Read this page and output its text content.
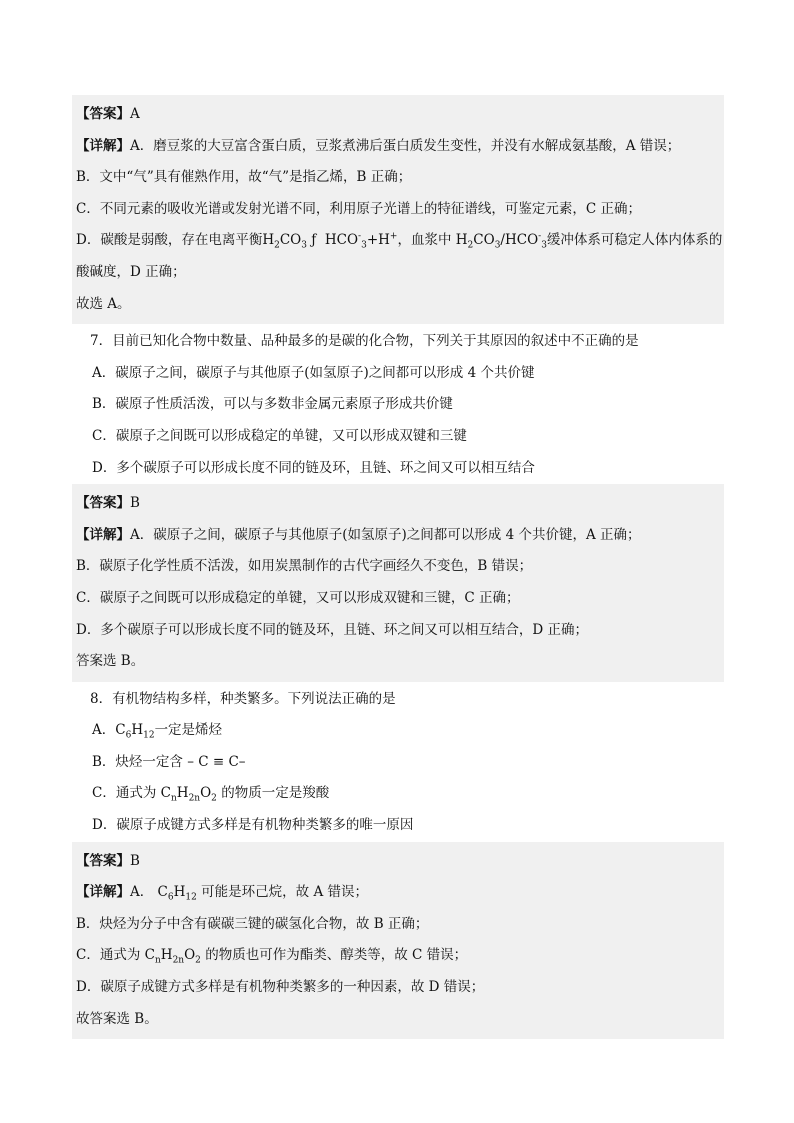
【答案】A
【详解】A．磨豆浆的大豆富含蛋白质，豆浆煮沸后蛋白质发生变性，并没有水解成氨基酸，A 错误；
B．文中“气”具有催熟作用，故“气”是指乙烯，B 正确；
C．不同元素的吸收光谱或发射光谱不同，利用原子光谱上的特征谱线，可鉴定元素，C 正确；
D．碳酸是弱酸，存在电离平衡$H_2CO_3$ ƒ $HCO^-_3+H^+$，血浆中 $H_2CO_3/HCO^-_3$缓冲体系可稳定人体内体系的
酸碱度，D 正确；
故选 A。
7．目前已知化合物中数量、品种最多的是碳的化合物，下列关于其原因的叙述中不正确的是
A．碳原子之间，碳原子与其他原子(如氢原子)之间都可以形成 4 个共价键
B．碳原子性质活泼，可以与多数非金属元素原子形成共价键
C．碳原子之间既可以形成稳定的单键，又可以形成双键和三键
D．多个碳原子可以形成长度不同的链及环，且链、环之间又可以相互结合
【答案】B
【详解】A．碳原子之间，碳原子与其他原子(如氢原子)之间都可以形成 4 个共价键，A 正确；
B．碳原子化学性质不活泼，如用炭黑制作的古代字画经久不变色，B 错误；
C．碳原子之间既可以形成稳定的单键，又可以形成双键和三键，C 正确；
D．多个碳原子可以形成长度不同的链及环，且链、环之间又可以相互结合，D 正确；
答案选 B。
8．有机物结构多样，种类繁多。下列说法正确的是
A．$C_6H_{12}$一定是烯烃
B．炔烃一定含 – C ≡ C–
C．通式为 $C_nH_{2n}O_2$ 的物质一定是羧酸
D．碳原子成键方式多样是有机物种类繁多的唯一原因
【答案】B
【详解】A． $C_6H_{12}$ 可能是环己烷，故 A 错误；
B．炔烃为分子中含有碳碳三键的碳氢化合物，故 B 正确；
C．通式为 $C_nH_{2n}O_2$ 的物质也可作为酯类、醇类等，故 C 错误；
D．碳原子成键方式多样是有机物种类繁多的一种因素，故 D 错误；
故答案选 B。
